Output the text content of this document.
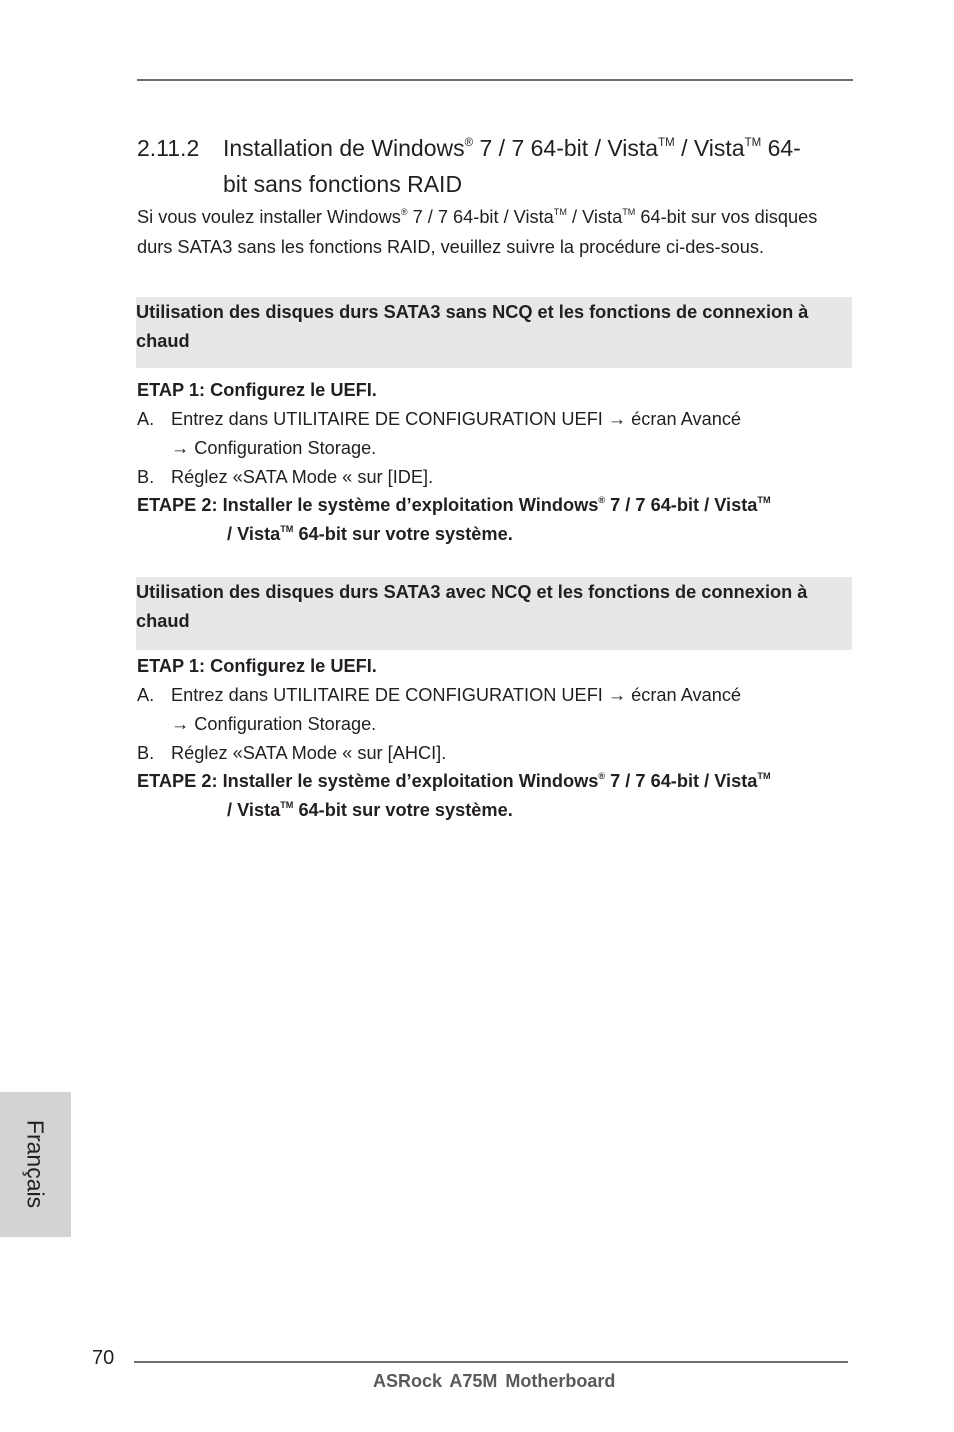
2.11.2 Installation de Windows® 7 / 7 64-bit / Vista™ / Vista™ 64-
bit sans fonctions RAID
Si vous voulez installer Windows® 7 / 7 64-bit / Vista™ / Vista™ 64-bit sur vos disques durs SATA3 sans les fonctions RAID, veuillez suivre la procédure ci-des-sous.
Utilisation des disques durs SATA3 sans NCQ et les fonctions de connexion à chaud
ETAP 1: Configurez le UEFI.
A. Entrez dans UTILITAIRE DE CONFIGURATION UEFI → écran Avancé
→ Configuration Storage.
B. Réglez «SATA Mode « sur [IDE].
ETAPE 2: Installer le système d’exploitation Windows® 7 / 7 64-bit / Vista™
/ Vista™ 64-bit sur votre système.
Utilisation des disques durs SATA3 avec NCQ et les fonctions de connexion à chaud
ETAP 1: Configurez le UEFI.
A. Entrez dans UTILITAIRE DE CONFIGURATION UEFI → écran Avancé
→ Configuration Storage.
B. Réglez «SATA Mode « sur [AHCI].
ETAPE 2: Installer le système d’exploitation Windows® 7 / 7 64-bit / Vista™
/ Vista™ 64-bit sur votre système.
Français
70
ASRock A75M Motherboard
